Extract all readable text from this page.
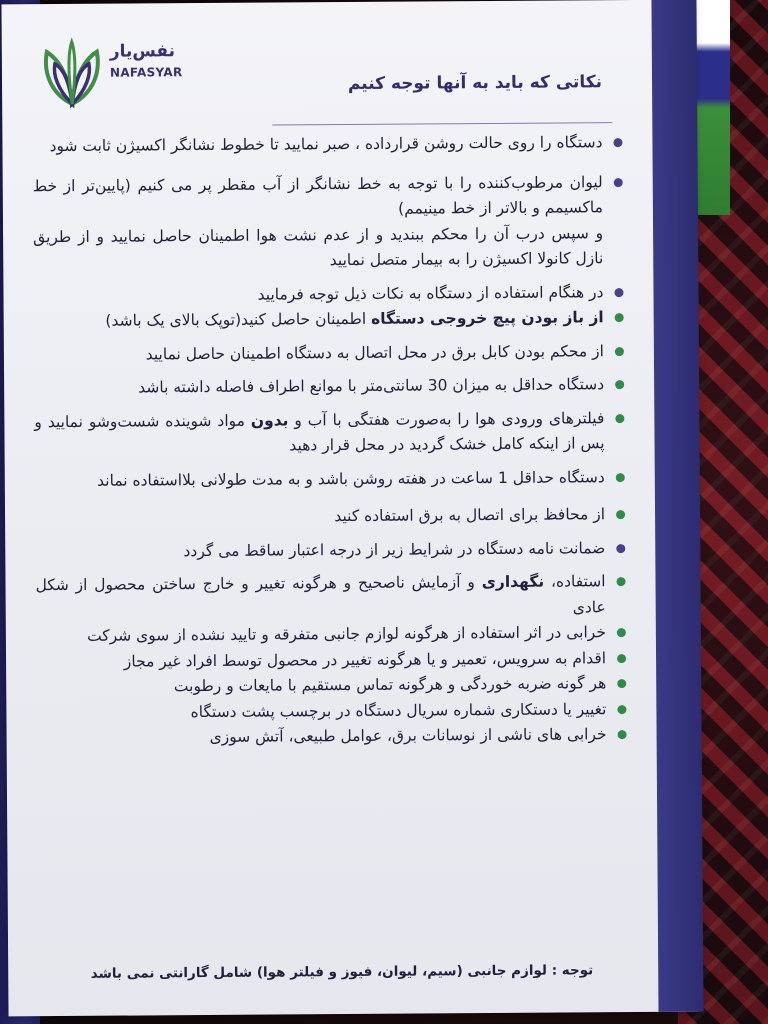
نفس‌یار
NAFASYAR	نکاتی که باید به آنها توجه کنیم

دستگاه را روی حالت روشن قرارداده ، صبر نمایید تا خطوط نشانگر اکسیژن ثابت شود

لیوان مرطوب‌کننده را با توجه به خط نشانگر از آب مقطر پر می کنیم (پایین‌تر از خط ماکسیمم و بالاتر از خط مینیمم)

و سپس درب آن را محکم ببندید و از عدم نشت هوا اطمینان حاصل نمایید و از طریق نازل کانولا اکسیژن را به بیمار متصل نمایید

در هنگام استفاده از دستگاه به نکات ذیل توجه فرمایید

از باز بودن پیچ خروجی دستگاه اطمینان حاصل کنید(توپک بالای یک باشد)

از محکم بودن کابل برق در محل اتصال به دستگاه اطمینان حاصل نمایید

دستگاه حداقل به میزان 30 سانتی‌متر با موانع اطراف فاصله داشته باشد

فیلترهای ورودی هوا را به‌صورت هفتگی با آب و بدون مواد شوینده شست‌وشو نمایید و پس از اینکه کامل خشک گردید در محل قرار دهید

دستگاه حداقل 1 ساعت در هفته روشن باشد و به مدت طولانی بلااستفاده نماند

از محافظ برای اتصال به برق استفاده کنید

ضمانت نامه دستگاه در شرایط زیر از درجه اعتبار ساقط می گردد

استفاده، نگهداری و آزمایش ناصحیح و هرگونه تغییر و خارج ساختن محصول از شکل عادی

خرابی در اثر استفاده از هرگونه لوازم جانبی متفرقه و تایید نشده از سوی شرکت

اقدام به سرویس، تعمیر و یا هرگونه تغییر در محصول توسط افراد غیر مجاز

هر گونه ضربه خوردگی و هرگونه تماس مستقیم با مایعات و رطوبت

تغییر یا دستکاری شماره سریال دستگاه در برچسب پشت دستگاه

خرابی های ناشی از نوسانات برق، عوامل طبیعی، آتش سوزی

توجه : لوازم جانبی (سیم، لیوان، فیوز و فیلتر هوا) شامل گارانتی نمی باشد
